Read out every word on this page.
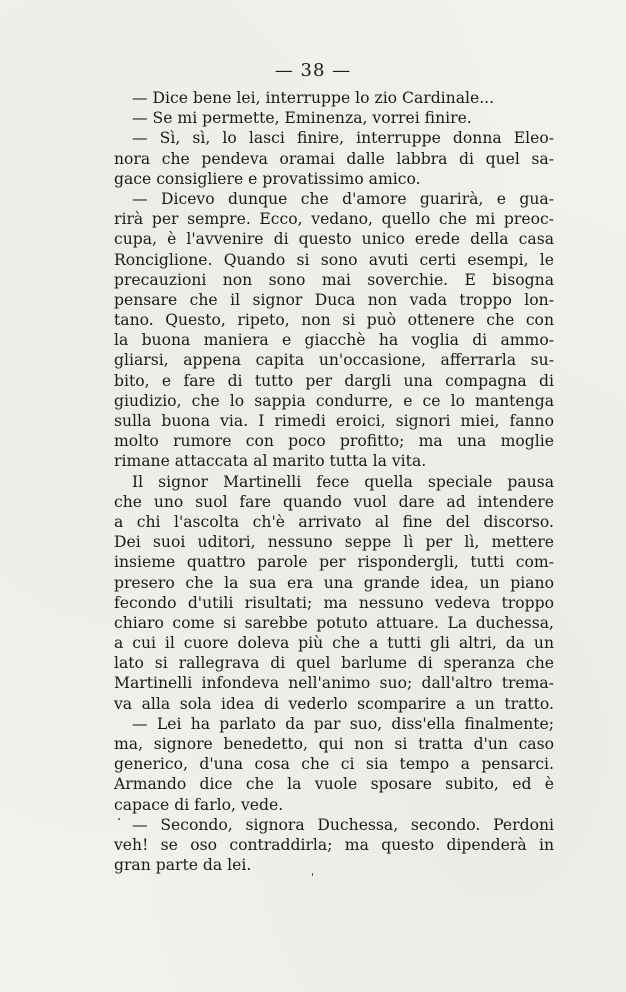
— 38 —
— Dice bene lei, interruppe lo zio Cardinale...
— Se mi permette, Eminenza, vorrei finire.
— Sì, sì, lo lasci finire, interruppe donna Eleo-
nora che pendeva oramai dalle labbra di quel sa-
gace consigliere e provatissimo amico.
— Dicevo dunque che d'amore guarirà, e gua-
rirà per sempre. Ecco, vedano, quello che mi preoc-
cupa, è l'avvenire di questo unico erede della casa
Ronciglione. Quando si sono avuti certi esempi, le
precauzioni non sono mai soverchie. E bisogna
pensare che il signor Duca non vada troppo lon-
tano. Questo, ripeto, non si può ottenere che con
la buona maniera e giacchè ha voglia di ammo-
gliarsi, appena capita un'occasione, afferrarla su-
bito, e fare di tutto per dargli una compagna di
giudizio, che lo sappia condurre, e ce lo mantenga
sulla buona via. I rimedi eroici, signori miei, fanno
molto rumore con poco profitto; ma una moglie
rimane attaccata al marito tutta la vita.
Il signor Martinelli fece quella speciale pausa
che uno suol fare quando vuol dare ad intendere
a chi l'ascolta ch'è arrivato al fine del discorso.
Dei suoi uditori, nessuno seppe lì per lì, mettere
insieme quattro parole per rispondergli, tutti com-
presero che la sua era una grande idea, un piano
fecondo d'utili risultati; ma nessuno vedeva troppo
chiaro come si sarebbe potuto attuare. La duchessa,
a cui il cuore doleva più che a tutti gli altri, da un
lato si rallegrava di quel barlume di speranza che
Martinelli infondeva nell'animo suo; dall'altro trema-
va alla sola idea di vederlo scomparire a un tratto.
— Lei ha parlato da par suo, diss'ella finalmente;
ma, signore benedetto, qui non si tratta d'un caso
generico, d'una cosa che ci sia tempo a pensarci.
Armando dice che la vuole sposare subito, ed è
capace di farlo, vede.
— Secondo, signora Duchessa, secondo. Perdoni
veh! se oso contraddirla; ma questo dipenderà in
gran parte da lei.
